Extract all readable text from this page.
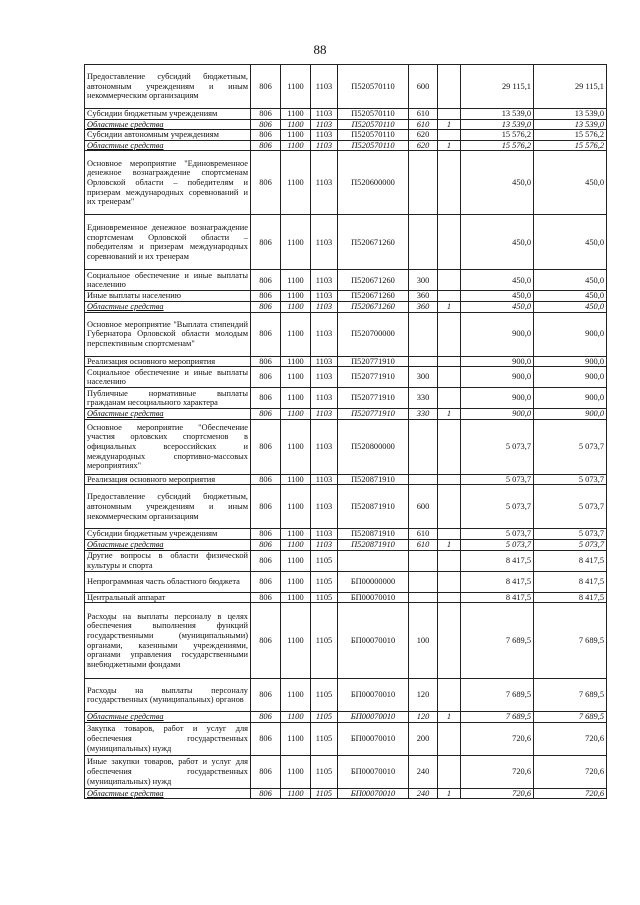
88
Предоставление субсидий бюджетным, автономным учреждениям и иным некоммерческим организациям	806	1100	1103	П520570110	600		29 115,1	29 115,1
Субсидии бюджетным учреждениям	806	1100	1103	П520570110	610		13 539,0	13 539,0
Областные средства	806	1100	1103	П520570110	610	1	13 539,0	13 539,0
Субсидии автономным учреждениям	806	1100	1103	П520570110	620		15 576,2	15 576,2
Областные средства	806	1100	1103	П520570110	620	1	15 576,2	15 576,2
Основное мероприятие "Единовременное денежное вознаграждение спортсменам Орловской области – победителям и призерам международных соревнований и их тренерам"	806	1100	1103	П520600000			450,0	450,0
Единовременное денежное вознаграждение спортсменам Орловской области – победителям и призерам международных соревнований и их тренерам	806	1100	1103	П520671260			450,0	450,0
Социальное обеспечение и иные выплаты населению	806	1100	1103	П520671260	300		450,0	450,0
Иные выплаты населению	806	1100	1103	П520671260	360		450,0	450,0
Областные средства	806	1100	1103	П520671260	360	1	450,0	450,0
Основное мероприятие "Выплата стипендий Губернатора Орловской области молодым перспективным спортсменам"	806	1100	1103	П520700000			900,0	900,0
Реализация основного мероприятия	806	1100	1103	П520771910			900,0	900,0
Социальное обеспечение и иные выплаты населению	806	1100	1103	П520771910	300		900,0	900,0
Публичные нормативные выплаты гражданам несоциального характера	806	1100	1103	П520771910	330		900,0	900,0
Областные средства	806	1100	1103	П520771910	330	1	900,0	900,0
Основное мероприятие "Обеспечение участия орловских спортсменов в официальных всероссийских и международных спортивно-массовых мероприятиях"	806	1100	1103	П520800000			5 073,7	5 073,7
Реализация основного мероприятия	806	1100	1103	П520871910			5 073,7	5 073,7
Предоставление субсидий бюджетным, автономным учреждениям и иным некоммерческим организациям	806	1100	1103	П520871910	600		5 073,7	5 073,7
Субсидии бюджетным учреждениям	806	1100	1103	П520871910	610		5 073,7	5 073,7
Областные средства	806	1100	1103	П520871910	610	1	5 073,7	5 073,7
Другие вопросы в области физической культуры и спорта	806	1100	1105				8 417,5	8 417,5
Непрограммная часть областного бюджета	806	1100	1105	БП00000000			8 417,5	8 417,5
Центральный аппарат	806	1100	1105	БП00070010			8 417,5	8 417,5
Расходы на выплаты персоналу в целях обеспечения выполнения функций государственными (муниципальными) органами, казенными учреждениями, органами управления государственными внебюджетными фондами	806	1100	1105	БП00070010	100		7 689,5	7 689,5
Расходы на выплаты персоналу государственных (муниципальных) органов	806	1100	1105	БП00070010	120		7 689,5	7 689,5
Областные средства	806	1100	1105	БП00070010	120	1	7 689,5	7 689,5
Закупка товаров, работ и услуг для обеспечения государственных (муниципальных) нужд	806	1100	1105	БП00070010	200		720,6	720,6
Иные закупки товаров, работ и услуг для обеспечения государственных (муниципальных) нужд	806	1100	1105	БП00070010	240		720,6	720,6
Областные средства	806	1100	1105	БП00070010	240	1	720,6	720,6
